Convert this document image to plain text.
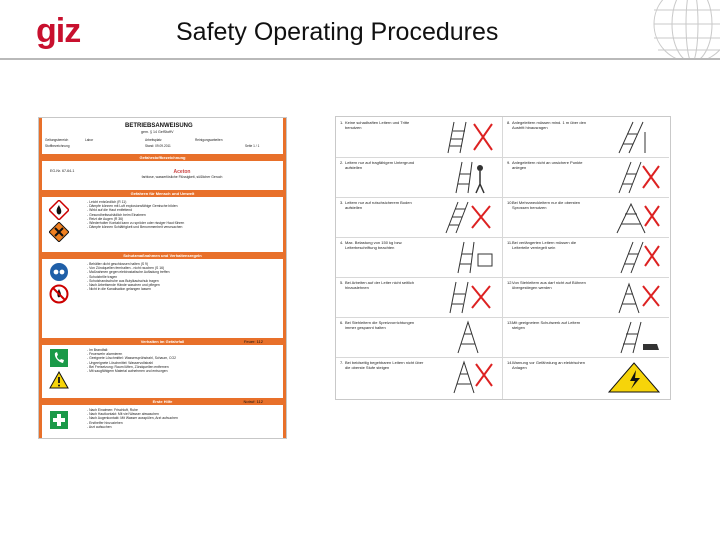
giz	Safety Operating Procedures
BETRIEBSANWEISUNG
gem. § 14 GefStoffV
Geltungsbereich	Labor	Arbeitsplatz	Reinigungsarbeiten
Stoffbezeichnung	Stand: 09.09.2011	Seite 1 / 1
Gefahrstoffbezeichnung
EG-Nr. 67-64-1	Aceton
farblose, wasserlösliche Flüssigkeit, süßlicher Geruch
Gefahren für Mensch und Umwelt
- Leicht entzündlich (R 11)
- Dämpfe können mit Luft explosionsfähige Gemische bilden
- Wirkt auf die Haut entfettend
- Gesundheitsschädlich beim Einatmen
- Reizt die Augen (R 36)
- Wiederholter Kontakt kann zu spröder oder rissiger Haut führen
- Dämpfe können Schläfrigkeit und Benommenheit verursachen
Schutzmaßnahmen und Verhaltensregeln
- Behälter dicht geschlossen halten (S 9)
- Von Zündquellen fernhalten - nicht rauchen (S 16)
- Maßnahmen gegen elektrostatische Aufladung treffen
- Schutzbrille tragen
- Schutzhandschuhe aus Butylkautschuk tragen
- Nach Arbeitsende Hände waschen und pflegen
- Nicht in die Kanalisation gelangen lassen
Verhalten im Gefahrfall	Feuer: 112
- Im Brandfall:
- Feuerwehr alarmieren
- Geeignete Löschmittel: Wassersprühstrahl, Schaum, CO2
- Ungeeignete Löschmittel: Wasservollstrahl
- Bei Freisetzung: Raum lüften, Zündquellen entfernen
- Mit saugfähigem Material aufnehmen und entsorgen
Erste Hilfe	Notruf: 112
- Nach Einatmen: Frischluft, Ruhe
- Nach Hautkontakt: Mit viel Wasser abwaschen
- Nach Augenkontakt: Mit Wasser ausspülen, Arzt aufsuchen
- Ersthelfer hinzuziehen
- Arzt aufsuchen
1. Keine schadhaften Leitern und Tritte benutzen
2. Leitern nur auf tragfähigem Untergrund aufstellen
3. Leitern nur auf rutschsicherem Boden aufstellen
4. Max. Belastung von 150 kg bzw. Leiterbeschriftung beachten
5. Bei Arbeiten auf der Leiter nicht seitlich hinauslehnen
6. Bei Stehleitern die Spreizvorrichtungen immer gespannt halten
7. Bei beidseitig begehbaren Leitern nicht über die oberste Stufe steigen
8. Anlegeleitern müssen mind. 1 m über den Austritt hinausragen
9. Anlegeleitern nicht an unsichere Punkte anlegen
10. Bei Mehrzweckleitern nur die obersten Sprossen benutzen
11. Bei verlängerten Leitern müssen die Leiterteile verriegelt sein
12. Von Stehleitern aus darf nicht auf Bühnen übergestiegen werden
13. Mit geeignetem Schuhwerk auf Leitern steigen
14. Warnung vor Gefährdung an elektrischen Anlagen
